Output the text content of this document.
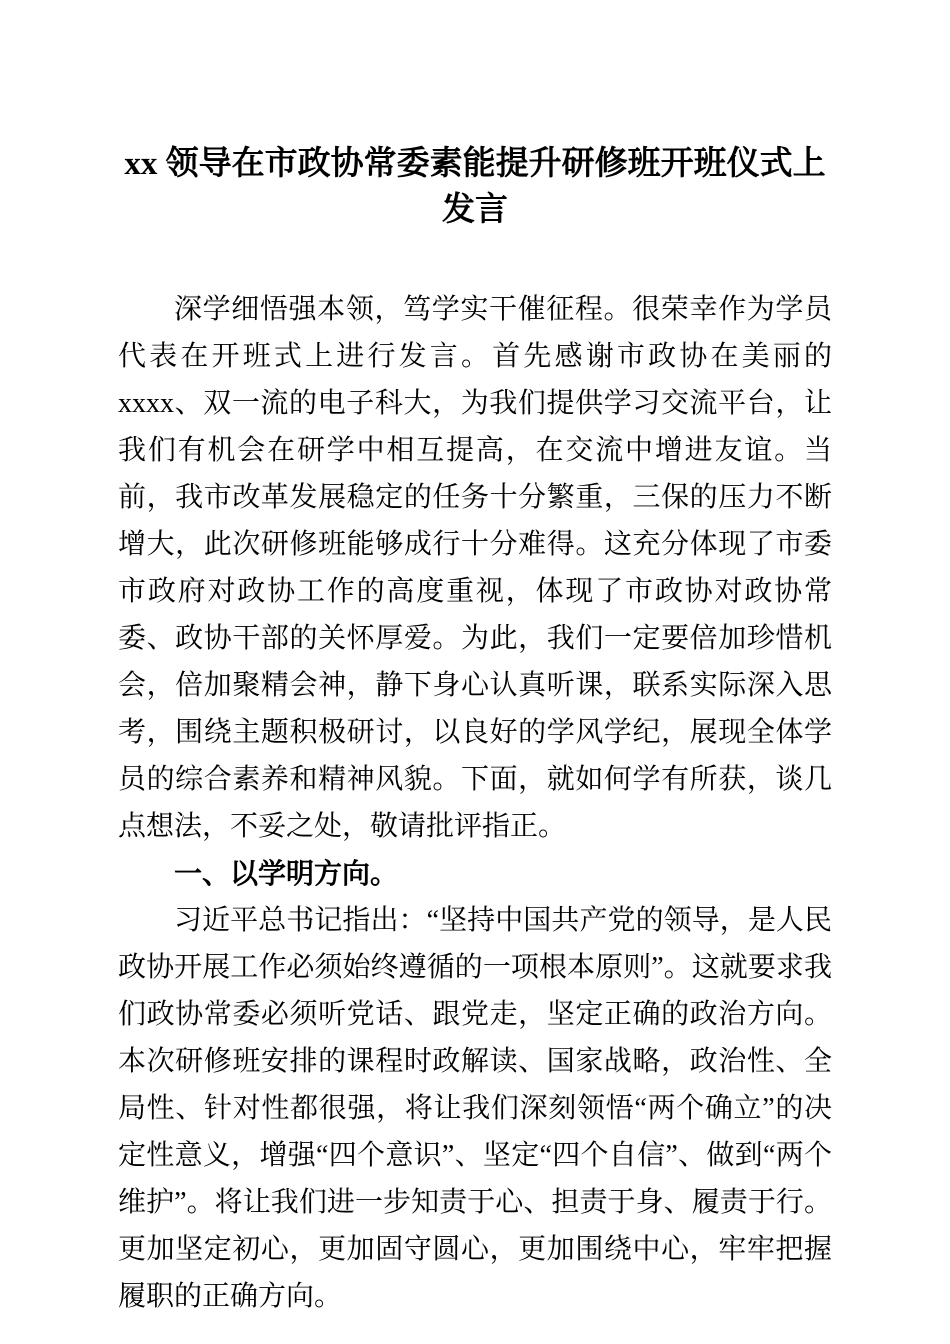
xx 领导在市政协常委素能提升研修班开班仪式上发言

深学细悟强本领，笃学实干催征程。很荣幸作为学员代表在开班式上进行发言。首先感谢市政协在美丽的 xxxx、双一流的电子科大，为我们提供学习交流平台，让我们有机会在研学中相互提高，在交流中增进友谊。当前，我市改革发展稳定的任务十分繁重，三保的压力不断增大，此次研修班能够成行十分难得。这充分体现了市委市政府对政协工作的高度重视，体现了市政协对政协常委、政协干部的关怀厚爱。为此，我们一定要倍加珍惜机会，倍加聚精会神，静下身心认真听课，联系实际深入思考，围绕主题积极研讨，以良好的学风学纪，展现全体学员的综合素养和精神风貌。下面，就如何学有所获，谈几点想法，不妥之处，敬请批评指正。

一、以学明方向。

习近平总书记指出：“坚持中国共产党的领导，是人民政协开展工作必须始终遵循的一项根本原则”。这就要求我们政协常委必须听党话、跟党走，坚定正确的政治方向。本次研修班安排的课程时政解读、国家战略，政治性、全局性、针对性都很强，将让我们深刻领悟“两个确立”的决定性意义，增强“四个意识”、坚定“四个自信”、做到“两个维护”。将让我们进一步知责于心、担责于身、履责于行。更加坚定初心，更加固守圆心，更加围绕中心，牢牢把握履职的正确方向。
